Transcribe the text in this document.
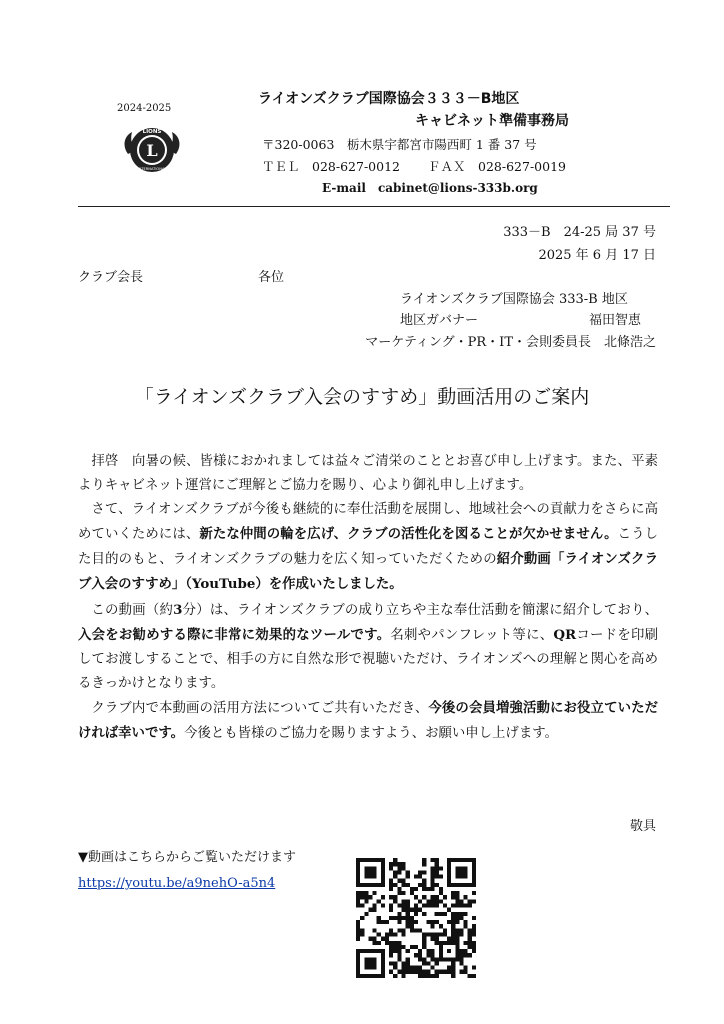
2024-2025
L
LIONS
INTERNATIONAL
ライオンズクラブ国際協会３３３－B地区
キャビネット準備事務局
〒320-0063　栃木県宇都宮市陽西町 1 番 37 号
ＴＥＬ　028-627-0012 ＦＡＸ　028-627-0019
E-mail　cabinet@lions-333b.org
333－B　24-25 局 37 号
2025 年 6 月 17 日
クラブ会長	各位
ライオンズクラブ国際協会 333-B 地区
地区ガバナー	福田智恵
マーケティング・PR・IT・会則委員長　北條浩之
「ライオンズクラブ入会のすすめ」動画活用のご案内

拝啓　向暑の候、皆様におかれましては益々ご清栄のこととお喜び申し上げます。また、平素よりキャビネット運営にご理解とご協力を賜り、心より御礼申し上げます。

さて、ライオンズクラブが今後も継続的に奉仕活動を展開し、地域社会への貢献力をさらに高めていくためには、新たな仲間の輪を広げ、クラブの活性化を図ることが欠かせません。こうした目的のもと、ライオンズクラブの魅力を広く知っていただくための紹介動画「ライオンズクラブ入会のすすめ」（YouTube）を作成いたしました。

この動画（約3分）は、ライオンズクラブの成り立ちや主な奉仕活動を簡潔に紹介しており、入会をお勧めする際に非常に効果的なツールです。名刺やパンフレット等に、QRコードを印刷してお渡しすることで、相手の方に自然な形で視聴いただけ、ライオンズへの理解と関心を高めるきっかけとなります。

クラブ内で本動画の活用方法についてご共有いただき、今後の会員増強活動にお役立ていただければ幸いです。今後とも皆様のご協力を賜りますよう、お願い申し上げます。

敬具
▼動画はこちらからご覧いただけます
https://youtu.be/a9nehO-a5n4
